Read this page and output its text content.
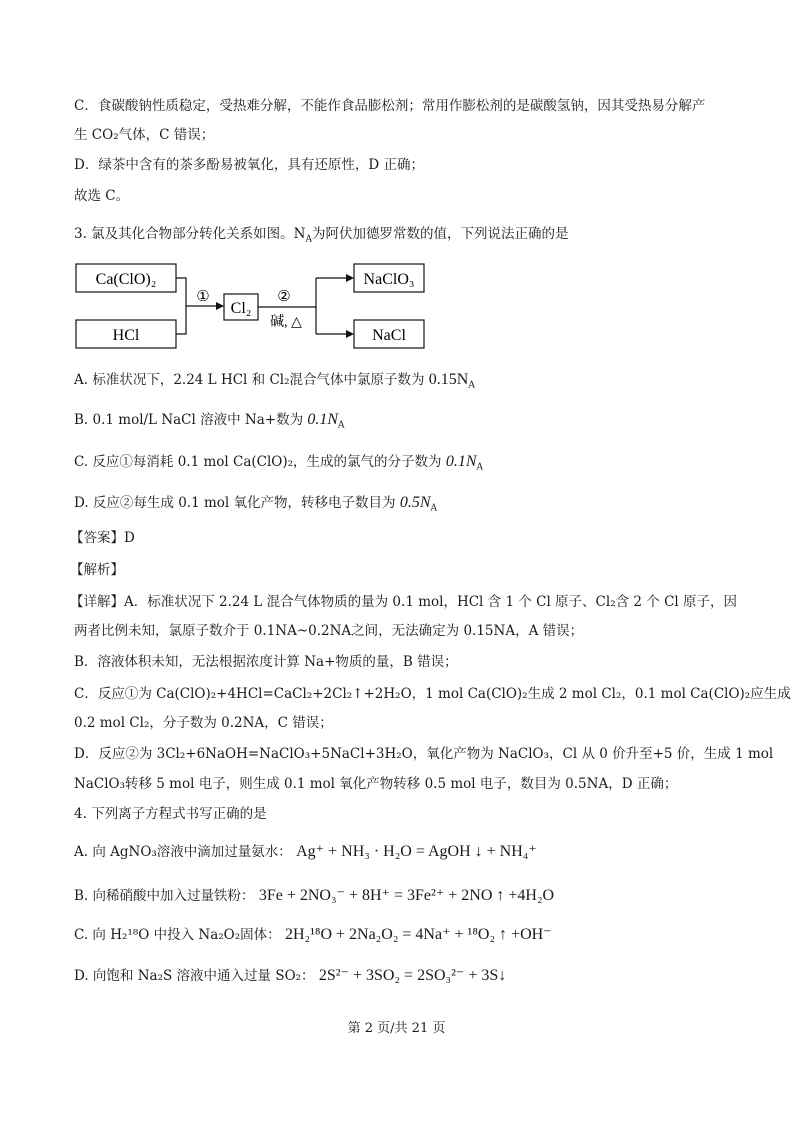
C．食碳酸钠性质稳定，受热难分解，不能作食品膨松剂；常用作膨松剂的是碳酸氢钠，因其受热易分解产
生 CO₂气体，C 错误；
D．绿茶中含有的茶多酚易被氧化，具有还原性，D 正确；
故选 C。
3. 氯及其化合物部分转化关系如图。$N_A$为阿伏加德罗常数的值，下列说法正确的是
Ca(ClO)₂
HCl
①
Cl₂
②
碱, △
NaClO₃
NaCl
A. 标准状况下，2.24 L HCl 和 Cl₂混合气体中氯原子数为 $0.15N_A$
B. 0.1 mol/L NaCl 溶液中 Na+数为 $0.1N_A$
C. 反应①每消耗 0.1 mol Ca(ClO)₂，生成的氯气的分子数为 $0.1N_A$
D. 反应②每生成 0.1 mol 氧化产物，转移电子数目为 $0.5N_A$
【答案】D
【解析】
【详解】A．标准状况下 2.24 L 混合气体物质的量为 0.1 mol，HCl 含 1 个 Cl 原子、Cl₂含 2 个 Cl 原子，因
两者比例未知，氯原子数介于 0.1NA~0.2NA之间，无法确定为 0.15NA，A 错误；
B．溶液体积未知，无法根据浓度计算 Na+物质的量，B 错误；
C．反应①为 Ca(ClO)₂+4HCl=CaCl₂+2Cl₂↑+2H₂O，1 mol Ca(ClO)₂生成 2 mol Cl₂，0.1 mol Ca(ClO)₂应生成
0.2 mol Cl₂，分子数为 0.2NA，C 错误；
D．反应②为 3Cl₂+6NaOH=NaClO₃+5NaCl+3H₂O，氧化产物为 NaClO₃，Cl 从 0 价升至+5 价，生成 1 mol
NaClO₃转移 5 mol 电子，则生成 0.1 mol 氧化产物转移 0.5 mol 电子，数目为 0.5NA，D 正确；
4. 下列离子方程式书写正确的是
A. 向 AgNO₃溶液中滴加过量氨水： Ag⁺ + NH₃ · H₂O = AgOH ↓ + NH₄⁺
B. 向稀硝酸中加入过量铁粉： 3Fe + 2NO₃⁻ + 8H⁺ = 3Fe²⁺ + 2NO ↑ +4H₂O
C. 向 H₂¹⁸O 中投入 Na₂O₂固体： 2H₂¹⁸O + 2Na₂O₂ = 4Na⁺ + ¹⁸O₂ ↑ +OH⁻
D. 向饱和 Na₂S 溶液中通入过量 SO₂： 2S²⁻ + 3SO₂ = 2SO₃²⁻ + 3S↓
第 2 页/共 21 页
